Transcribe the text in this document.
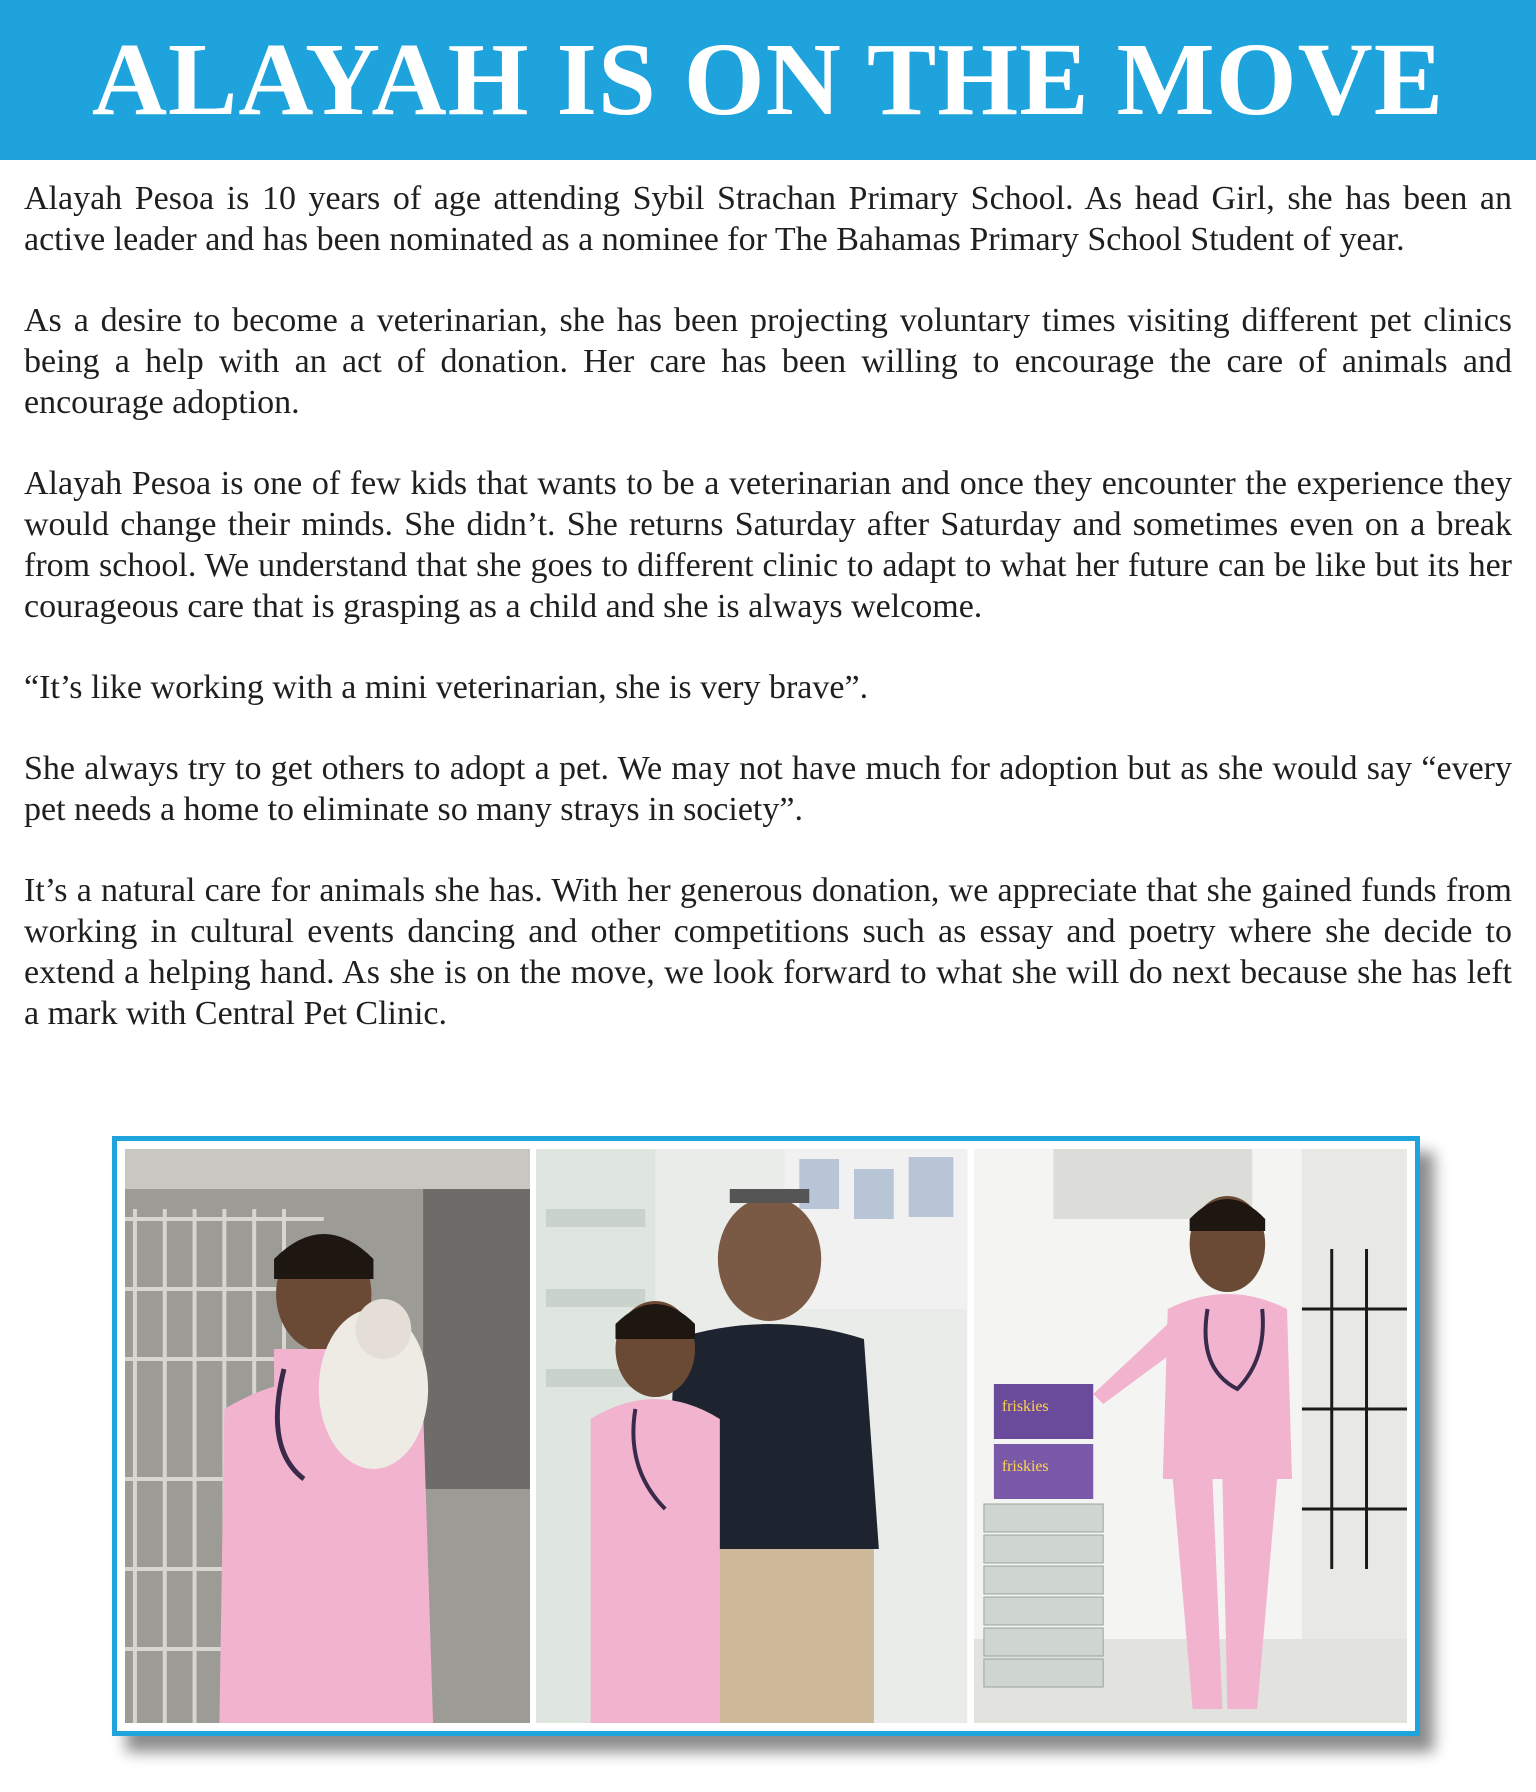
ALAYAH IS ON THE MOVE

Alayah Pesoa is 10 years of age attending Sybil Strachan Primary School. As head Girl, she has been an active leader and has been nominated as a nominee for The Bahamas Primary School Student of year.

As a desire to become a veterinarian, she has been projecting voluntary times visiting different pet clinics being a help with an act of donation. Her care has been willing to encourage the care of animals and encourage adoption.

Alayah Pesoa is one of few kids that wants to be a veterinarian and once they encounter the experience they would change their minds. She didn’t. She returns Saturday after Saturday and sometimes even on a break from school. We understand that she goes to different clinic to adapt to what her future can be like but its her courageous care that is grasping as a child and she is always welcome.

“It’s like working with a mini veterinarian, she is very brave”.

She always try to get others to adopt a pet. We may not have much for adoption but as she would say “every pet needs a home to eliminate so many strays in society”.

It’s a natural care for animals she has. With her generous donation, we appreciate that she gained funds from working in cultural events dancing and other competitions such as essay and poetry where she decide to extend a helping hand. As she is on the move, we look forward to what she will do next because she has left a mark with Central Pet Clinic.

friskies
friskies
